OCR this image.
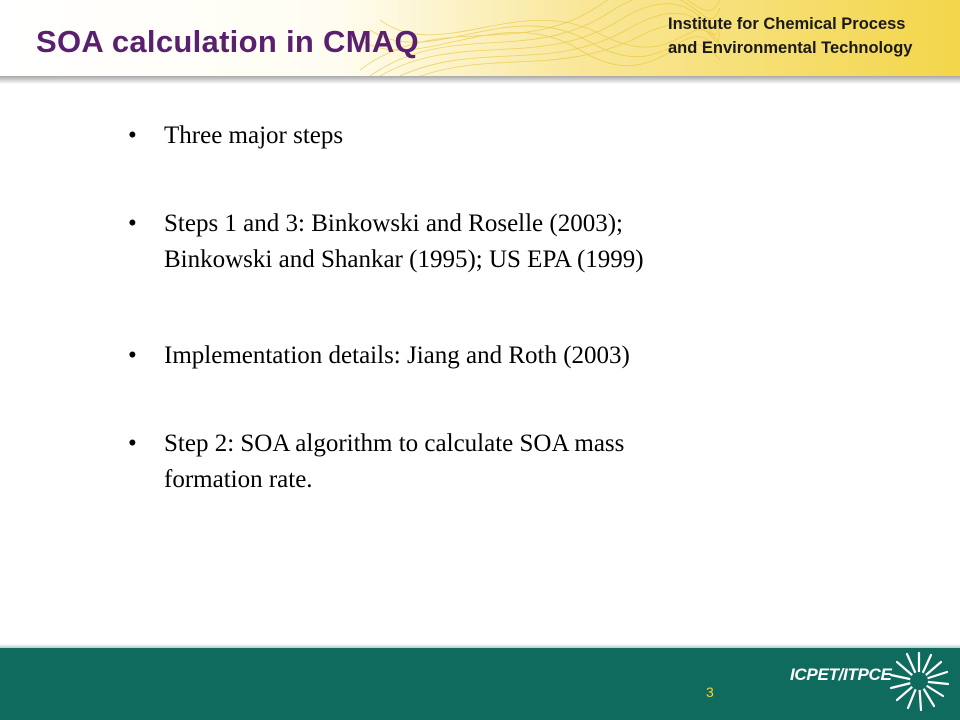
SOA calculation in CMAQ	Institute for Chemical Process
and Environmental Technology
• Three major steps
• Steps 1 and 3: Binkowski and Roselle (2003);
Binkowski and Shankar (1995); US EPA (1999)
• Implementation details: Jiang and Roth (2003)
• Step 2: SOA algorithm to calculate SOA mass
formation rate.
3
ICPET/ITPCE
